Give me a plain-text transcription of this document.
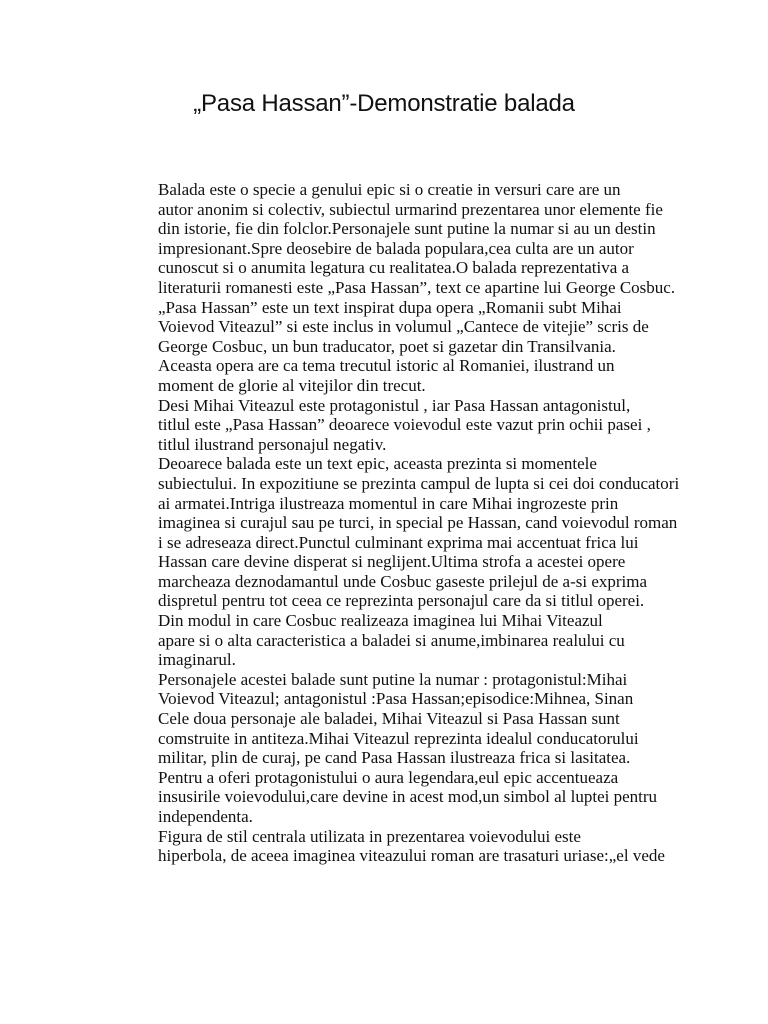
„Pasa Hassan”-Demonstratie balada

Balada este o specie a genului epic si o creatie in versuri care are un
autor anonim si colectiv, subiectul urmarind prezentarea unor elemente fie
din istorie, fie din folclor.Personajele sunt putine la numar si au un destin
impresionant.Spre deosebire de balada populara,cea culta are un autor
cunoscut si o anumita legatura cu realitatea.O balada reprezentativa a
literaturii romanesti este „Pasa Hassan”, text ce apartine lui George Cosbuc.

„Pasa Hassan” este un text inspirat dupa opera „Romanii subt Mihai
Voievod Viteazul” si este inclus in volumul „Cantece de vitejie” scris de
George Cosbuc, un bun traducator, poet si gazetar din Transilvania.

Aceasta opera are ca tema trecutul istoric al Romaniei, ilustrand un
moment de glorie al vitejilor din trecut.

Desi Mihai Viteazul este protagonistul , iar Pasa Hassan antagonistul,
titlul este „Pasa Hassan” deoarece voievodul este vazut prin ochii pasei ,
titlul ilustrand personajul negativ.

Deoarece balada este un text epic, aceasta prezinta si momentele
subiectului. In expozitiune se prezinta campul de lupta si cei doi conducatori
ai armatei.Intriga ilustreaza momentul in care Mihai ingrozeste prin
imaginea si curajul sau pe turci, in special pe Hassan, cand voievodul roman
i se adreseaza direct.Punctul culminant exprima mai accentuat frica lui
Hassan care devine disperat si neglijent.Ultima strofa a acestei opere
marcheaza deznodamantul unde Cosbuc gaseste prilejul de a-si exprima
dispretul pentru tot ceea ce reprezinta personajul care da si titlul operei.

Din modul in care Cosbuc realizeaza imaginea lui Mihai Viteazul
apare si o alta caracteristica a baladei si anume,imbinarea realului cu
imaginarul.

Personajele acestei balade sunt putine la numar : protagonistul:Mihai
Voievod Viteazul; antagonistul :Pasa Hassan;episodice:Mihnea, Sinan

Cele doua personaje ale baladei, Mihai Viteazul si Pasa Hassan sunt
comstruite in antiteza.Mihai Viteazul reprezinta idealul conducatorului
militar, plin de curaj, pe cand Pasa Hassan ilustreaza frica si lasitatea.

Pentru a oferi protagonistului o aura legendara,eul epic accentueaza
insusirile voievodului,care devine in acest mod,un simbol al luptei pentru
independenta.

Figura de stil centrala utilizata in prezentarea voievodului este
hiperbola, de aceea imaginea viteazului roman are trasaturi uriase:„el vede
